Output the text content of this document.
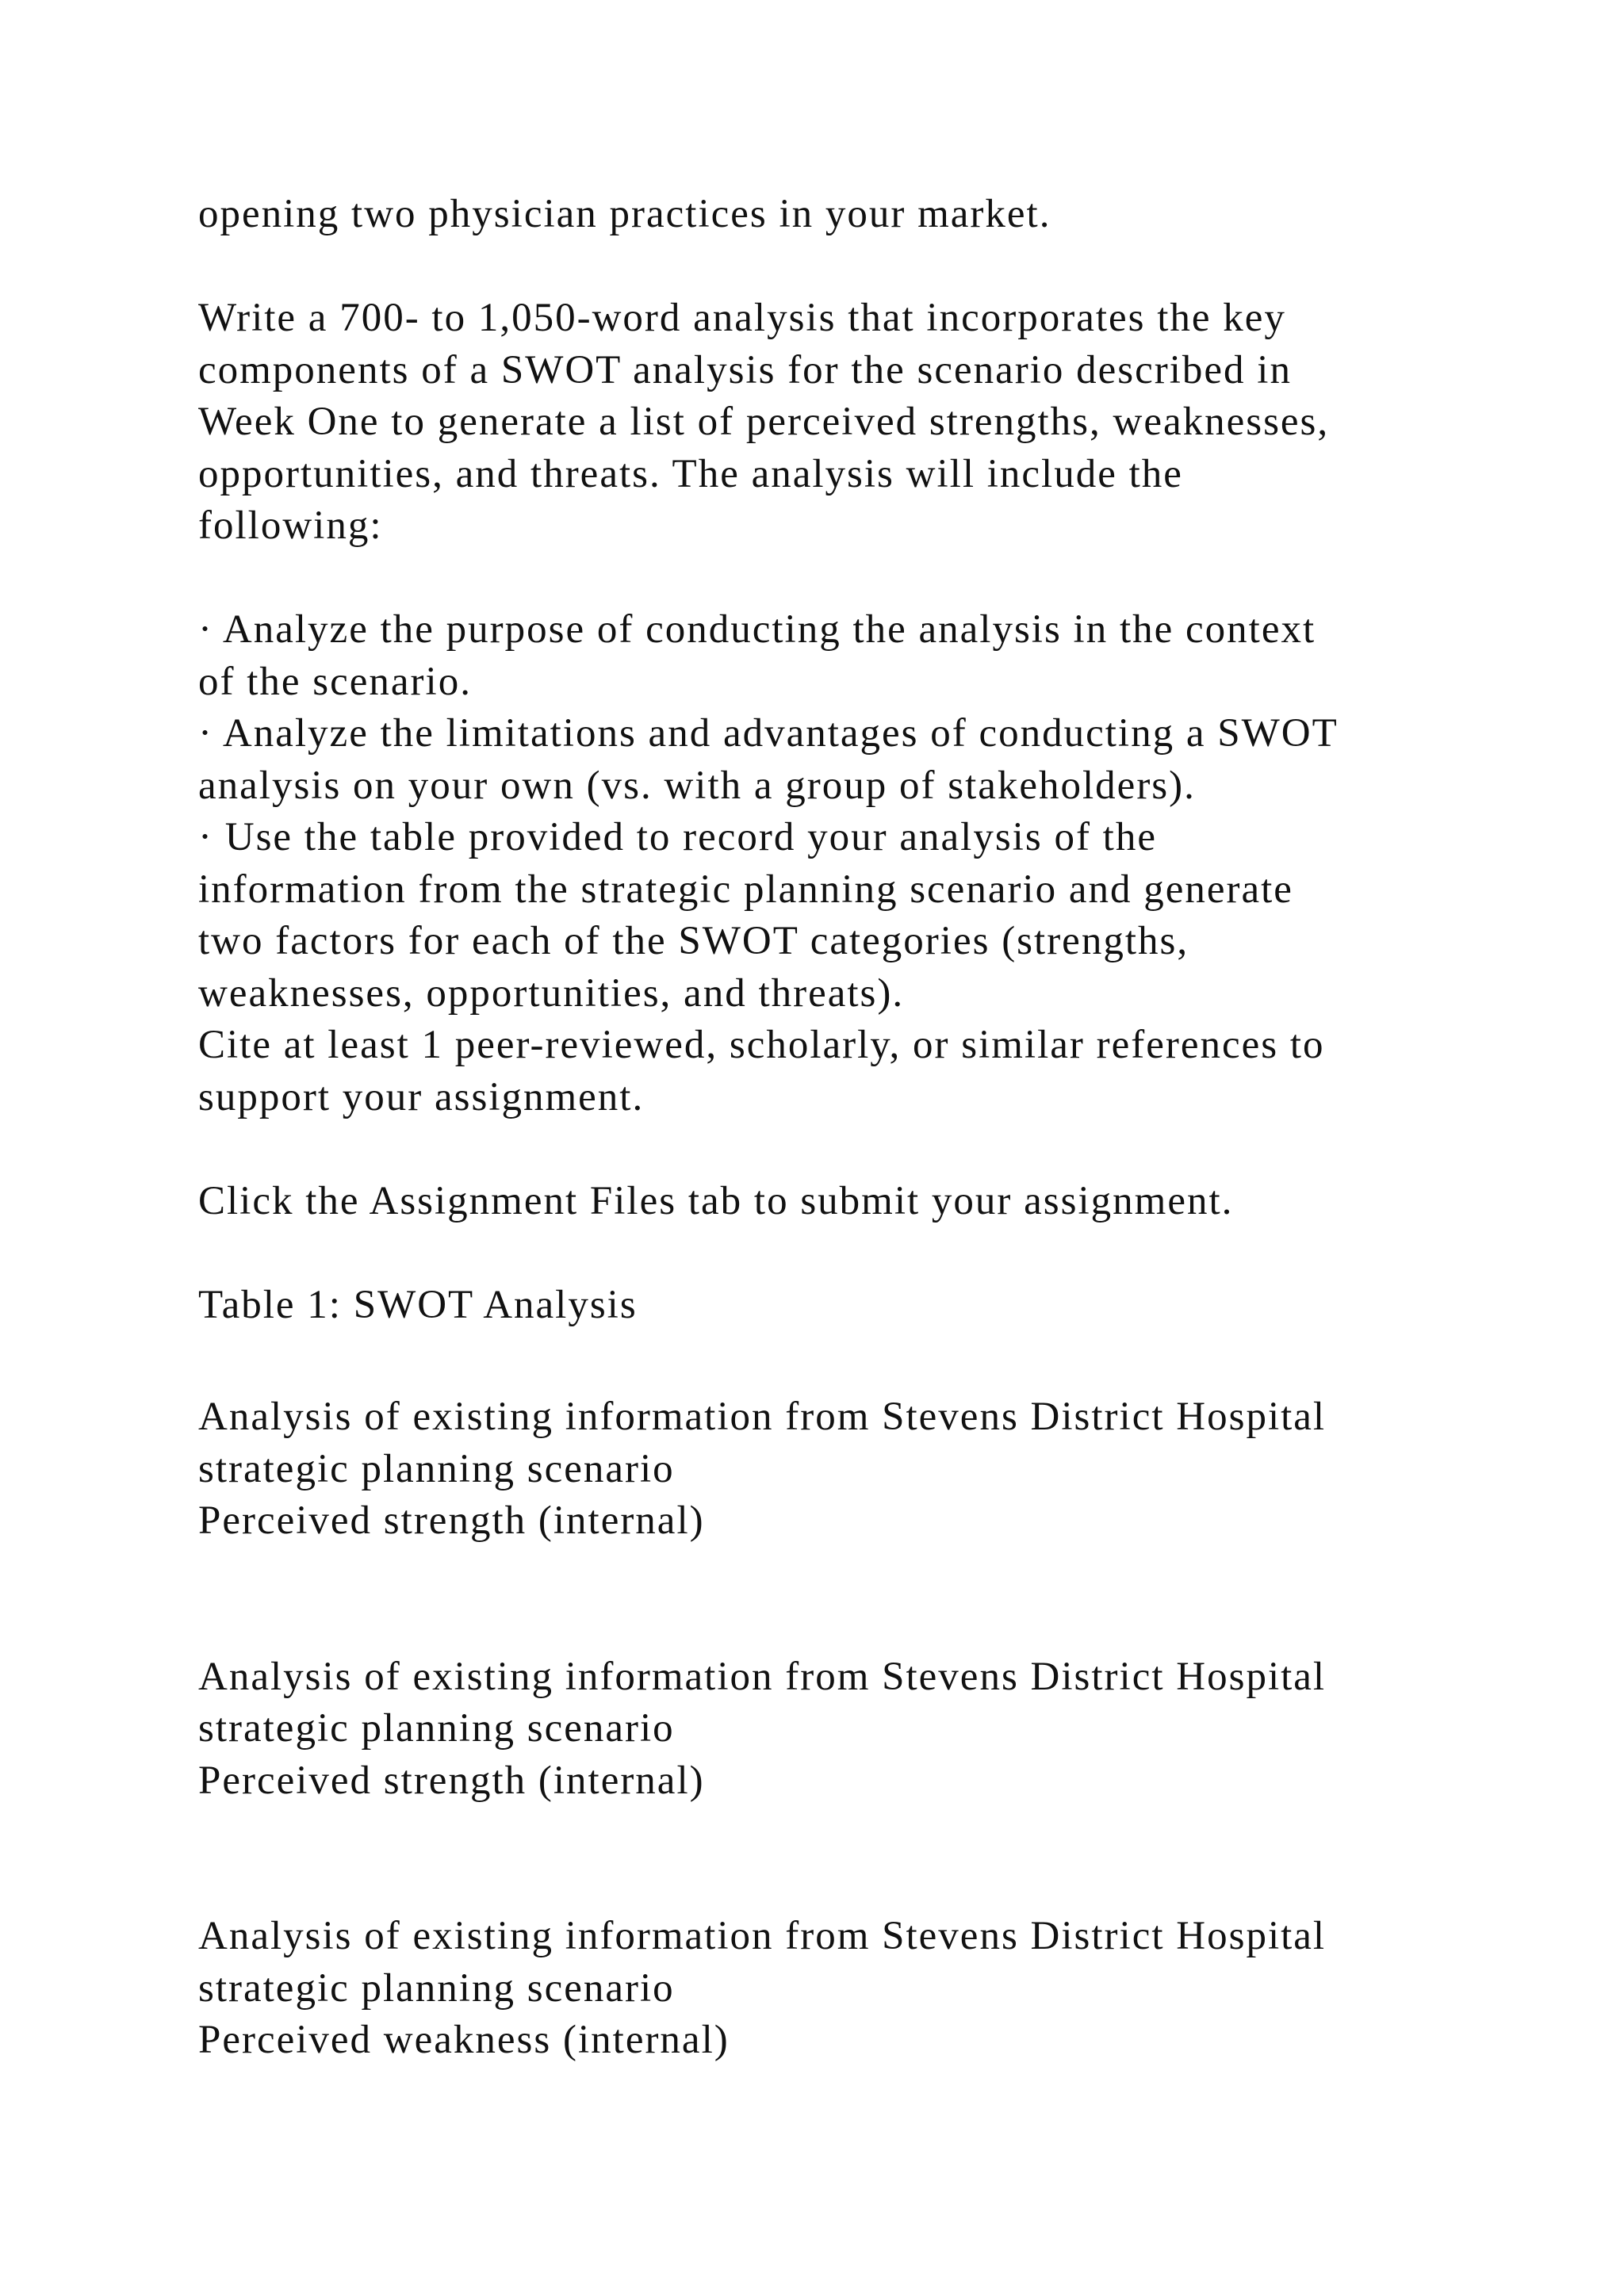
opening two physician practices in your market.
Write a 700- to 1,050-word analysis that incorporates the key
components of a SWOT analysis for the scenario described in
Week One to generate a list of perceived strengths, weaknesses,
opportunities, and threats. The analysis will include the
following:
· Analyze the purpose of conducting the analysis in the context
of the scenario.
· Analyze the limitations and advantages of conducting a SWOT
analysis on your own (vs. with a group of stakeholders).
· Use the table provided to record your analysis of the
information from the strategic planning scenario and generate
two factors for each of the SWOT categories (strengths,
weaknesses, opportunities, and threats).
Cite at least 1 peer-reviewed, scholarly, or similar references to
support your assignment.
Click the Assignment Files tab to submit your assignment.
Table 1: SWOT Analysis
Analysis of existing information from Stevens District Hospital
strategic planning scenario
Perceived strength (internal)
Analysis of existing information from Stevens District Hospital
strategic planning scenario
Perceived strength (internal)
Analysis of existing information from Stevens District Hospital
strategic planning scenario
Perceived weakness (internal)
